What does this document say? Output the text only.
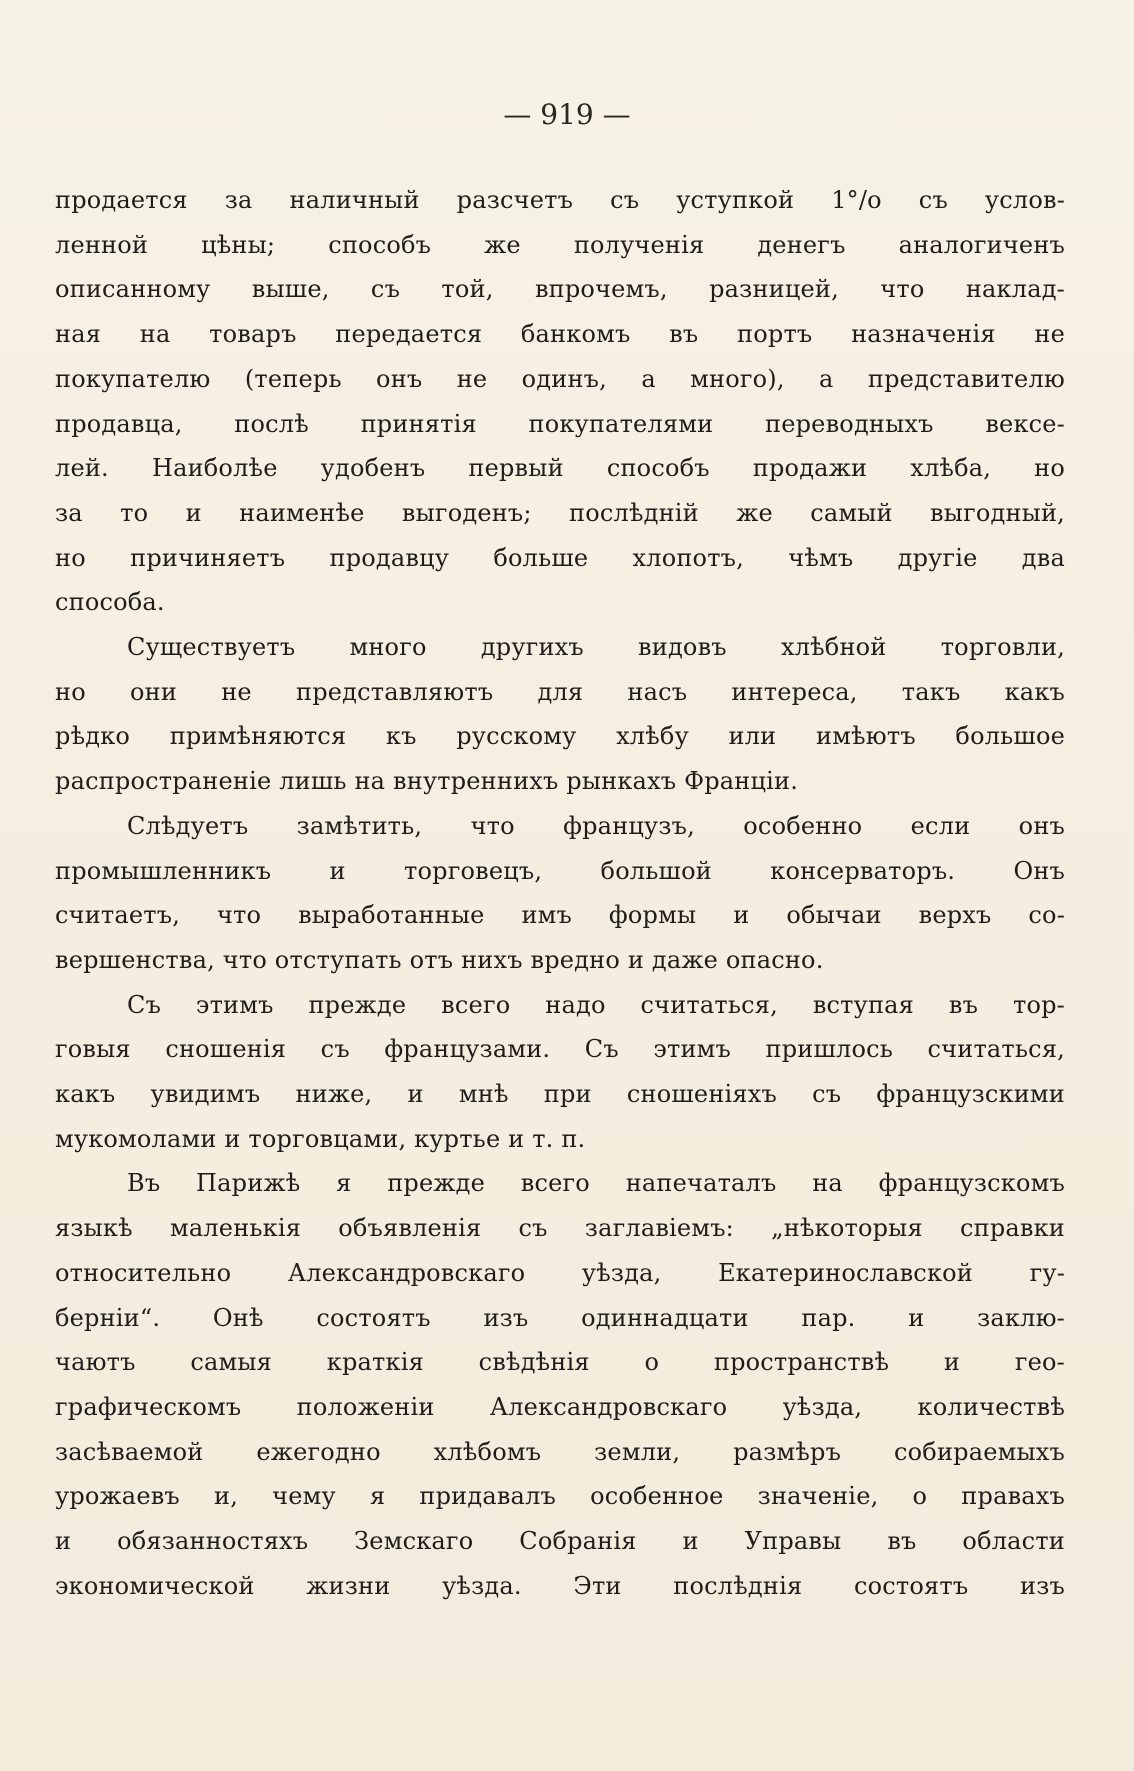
— 919 —

продается за наличный разсчетъ съ уступкой 1°/o съ услов-
ленной цѣны; способъ же полученія денегъ аналогиченъ
описанному выше, съ той, впрочемъ, разницей, что наклад-
ная на товаръ передается банкомъ въ портъ назначенія не
покупателю (теперь онъ не одинъ, а много), а представителю
продавца, послѣ принятія покупателями переводныхъ вексе-
лей. Наиболѣе удобенъ первый способъ продажи хлѣба, но
за то и наименѣе выгоденъ; послѣдній же самый выгодный,
но причиняетъ продавцу больше хлопотъ, чѣмъ другіе два
способа.

Существуетъ много другихъ видовъ хлѣбной торговли,
но они не представляютъ для насъ интереса, такъ какъ
рѣдко примѣняются къ русскому хлѣбу или имѣютъ большое
распространеніе лишь на внутреннихъ рынкахъ Франціи.

Слѣдуетъ замѣтить, что французъ, особенно если онъ
промышленникъ и торговецъ, большой консерваторъ. Онъ
считаетъ, что выработанные имъ формы и обычаи верхъ со-
вершенства, что отступать отъ нихъ вредно и даже опасно.

Съ этимъ прежде всего надо считаться, вступая въ тор-
говыя сношенія съ французами. Съ этимъ пришлось считаться,
какъ увидимъ ниже, и мнѣ при сношеніяхъ съ французскими
мукомолами и торговцами, куртье и т. п.

Въ Парижѣ я прежде всего напечаталъ на французскомъ
языкѣ маленькія объявленія съ заглавіемъ: „нѣкоторыя справки
относительно Александровскаго уѣзда, Екатеринославской гу-
берніи“. Онѣ состоятъ изъ одиннадцати пар. и заклю-
чаютъ самыя краткія свѣдѣнія о пространствѣ и гео-
графическомъ положеніи Александровскаго уѣзда, количествѣ
засѣваемой ежегодно хлѣбомъ земли, размѣръ собираемыхъ
урожаевъ и, чему я придавалъ особенное значеніе, о правахъ
и обязанностяхъ Земскаго Собранія и Управы въ области
экономической жизни уѣзда. Эти послѣднія состоятъ изъ
